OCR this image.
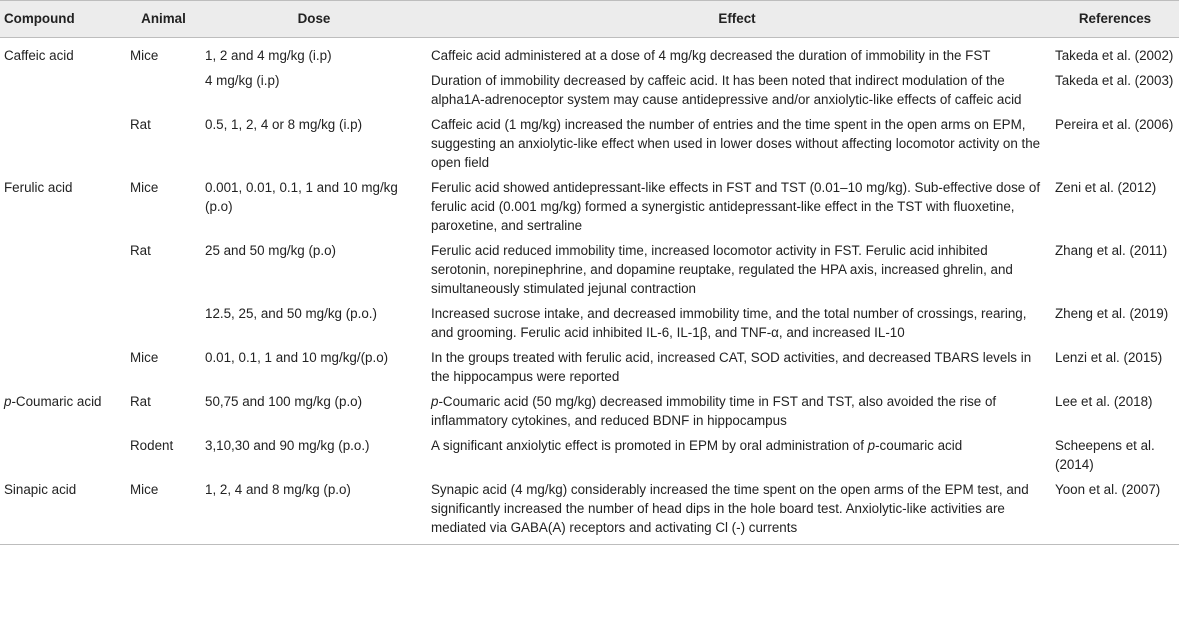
Compound	Animal	Dose	Effect	References
Caffeic acid	Mice	1, 2 and 4 mg/kg (i.p)	Caffeic acid administered at a dose of 4 mg/kg decreased the duration of immobility in the FST	Takeda et al. (2002)
		4 mg/kg (i.p)	Duration of immobility decreased by caffeic acid. It has been noted that indirect modulation of the alpha1A-adrenoceptor system may cause antidepressive and/or anxiolytic-like effects of caffeic acid	Takeda et al. (2003)
	Rat	0.5, 1, 2, 4 or 8 mg/kg (i.p)	Caffeic acid (1 mg/kg) increased the number of entries and the time spent in the open arms on EPM, suggesting an anxiolytic-like effect when used in lower doses without affecting locomotor activity on the open field	Pereira et al. (2006)
Ferulic acid	Mice	0.001, 0.01, 0.1, 1 and 10 mg/kg (p.o)	Ferulic acid showed antidepressant-like effects in FST and TST (0.01–10 mg/kg). Sub-effective dose of ferulic acid (0.001 mg/kg) formed a synergistic antidepressant-like effect in the TST with fluoxetine, paroxetine, and sertraline	Zeni et al. (2012)
	Rat	25 and 50 mg/kg (p.o)	Ferulic acid reduced immobility time, increased locomotor activity in FST. Ferulic acid inhibited serotonin, norepinephrine, and dopamine reuptake, regulated the HPA axis, increased ghrelin, and simultaneously stimulated jejunal contraction	Zhang et al. (2011)
		12.5, 25, and 50 mg/kg (p.o.)	Increased sucrose intake, and decreased immobility time, and the total number of crossings, rearing, and grooming. Ferulic acid inhibited IL-6, IL-1β, and TNF-α, and increased IL-10	Zheng et al. (2019)
	Mice	0.01, 0.1, 1 and 10 mg/kg/(p.o)	In the groups treated with ferulic acid, increased CAT, SOD activities, and decreased TBARS levels in the hippocampus were reported	Lenzi et al. (2015)
p-Coumaric acid	Rat	50,75 and 100 mg/kg (p.o)	p-Coumaric acid (50 mg/kg) decreased immobility time in FST and TST, also avoided the rise of inflammatory cytokines, and reduced BDNF in hippocampus	Lee et al. (2018)
	Rodent	3,10,30 and 90 mg/kg (p.o.)	A significant anxiolytic effect is promoted in EPM by oral administration of p-coumaric acid	Scheepens et al. (2014)
Sinapic acid	Mice	1, 2, 4 and 8 mg/kg (p.o)	Synapic acid (4 mg/kg) considerably increased the time spent on the open arms of the EPM test, and significantly increased the number of head dips in the hole board test. Anxiolytic-like activities are mediated via GABA(A) receptors and activating Cl (-) currents	Yoon et al. (2007)
